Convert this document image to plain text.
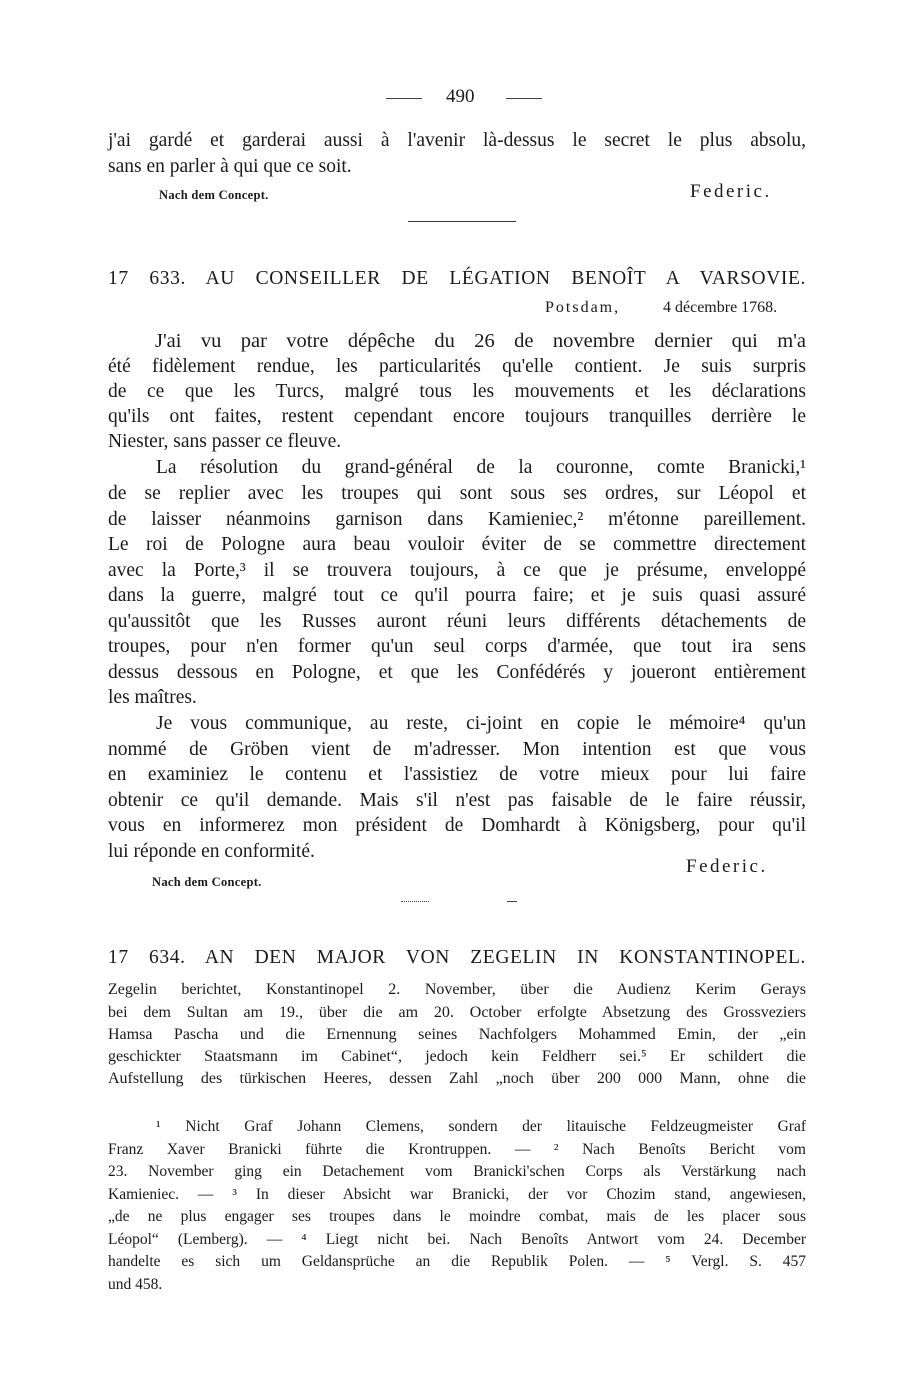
490
j'ai gardé et garderai aussi à l'avenir là-dessus le secret le plus absolu,
sans en parler à qui que ce soit.
Nach dem Concept.	Federic.
17 633. AU CONSEILLER DE LÉGATION BENOÎT A VARSOVIE.
Potsdam,	4 décembre 1768.
J'ai vu par votre dépêche du 26 de novembre dernier qui m'a
été fidèlement rendue, les particularités qu'elle contient. Je suis surpris
de ce que les Turcs, malgré tous les mouvements et les déclarations
qu'ils ont faites, restent cependant encore toujours tranquilles derrière le
Niester, sans passer ce fleuve.
La résolution du grand-général de la couronne, comte Branicki,¹
de se replier avec les troupes qui sont sous ses ordres, sur Léopol et
de laisser néanmoins garnison dans Kamieniec,² m'étonne pareillement.
Le roi de Pologne aura beau vouloir éviter de se commettre directement
avec la Porte,³ il se trouvera toujours, à ce que je présume, enveloppé
dans la guerre, malgré tout ce qu'il pourra faire; et je suis quasi assuré
qu'aussitôt que les Russes auront réuni leurs différents détachements de
troupes, pour n'en former qu'un seul corps d'armée, que tout ira sens
dessus dessous en Pologne, et que les Confédérés y joueront entièrement
les maîtres.
Je vous communique, au reste, ci-joint en copie le mémoire⁴ qu'un
nommé de Gröben vient de m'adresser. Mon intention est que vous
en examiniez le contenu et l'assistiez de votre mieux pour lui faire
obtenir ce qu'il demande. Mais s'il n'est pas faisable de le faire réussir,
vous en informerez mon président de Domhardt à Königsberg, pour qu'il
lui réponde en conformité.
Federic.
Nach dem Concept.
17 634. AN DEN MAJOR VON ZEGELIN IN KONSTANTINOPEL.
Zegelin berichtet, Konstantinopel 2. November, über die Audienz Kerim Gerays
bei dem Sultan am 19., über die am 20. October erfolgte Absetzung des Grossveziers
Hamsa Pascha und die Ernennung seines Nachfolgers Mohammed Emin, der „ein
geschickter Staatsmann im Cabinet“, jedoch kein Feldherr sei.⁵ Er schildert die
Aufstellung des türkischen Heeres, dessen Zahl „noch über 200 000 Mann, ohne die
¹ Nicht Graf Johann Clemens, sondern der litauische Feldzeugmeister Graf
Franz Xaver Branicki führte die Krontruppen. — ² Nach Benoîts Bericht vom
23. November ging ein Detachement vom Branicki'schen Corps als Verstärkung nach
Kamieniec. — ³ In dieser Absicht war Branicki, der vor Chozim stand, angewiesen,
„de ne plus engager ses troupes dans le moindre combat, mais de les placer sous
Léopol“ (Lemberg). — ⁴ Liegt nicht bei. Nach Benoîts Antwort vom 24. December
handelte es sich um Geldansprüche an die Republik Polen. — ⁵ Vergl. S. 457
und 458.
